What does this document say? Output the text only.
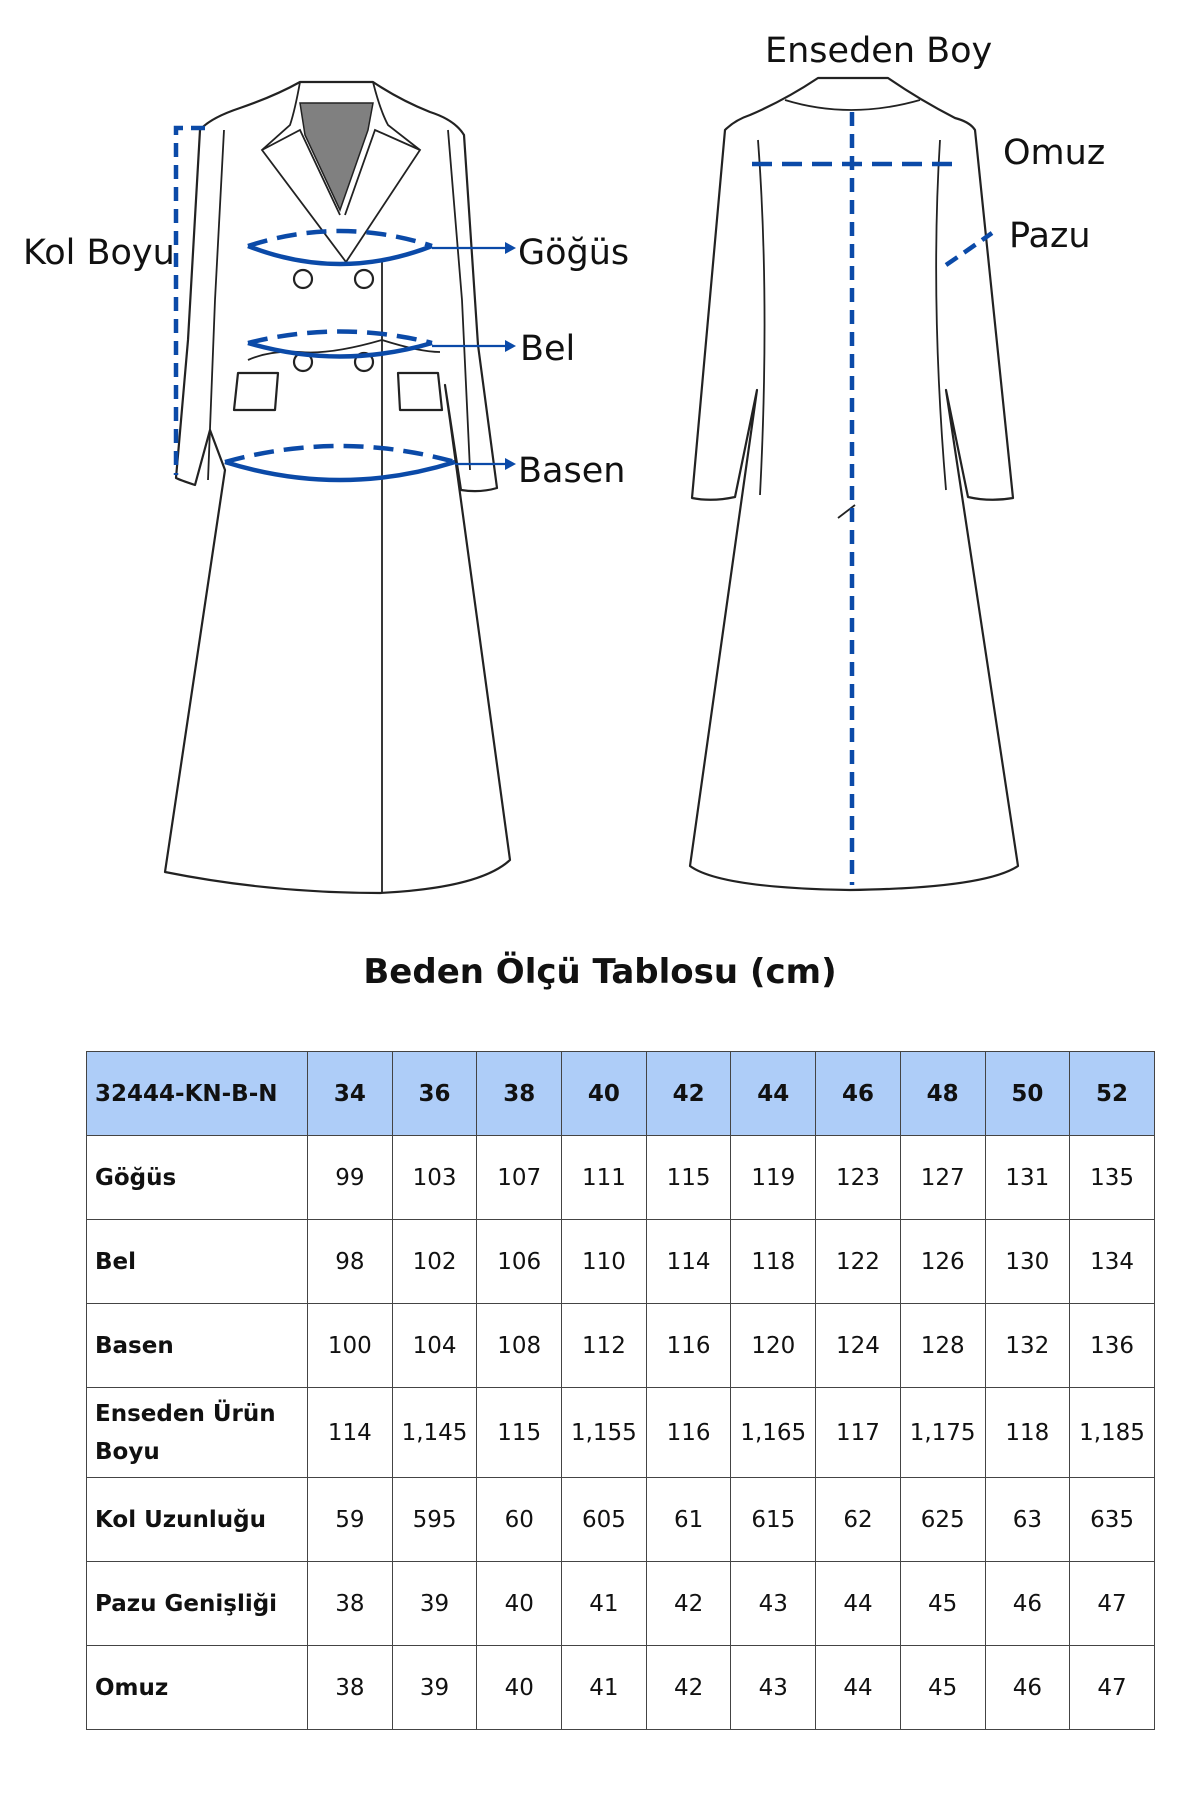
Kol Boyu	Göğüs
Bel
Basen
Enseden Boy
Omuz
Pazu
Beden Ölçü Tablosu (cm)
32444-KN-B-N	34	36	38	40	42	44	46	48	50	52
Göğüs	99	103	107	111	115	119	123	127	131	135
Bel	98	102	106	110	114	118	122	126	130	134
Basen	100	104	108	112	116	120	124	128	132	136
Enseden Ürün Boyu	114	1,145	115	1,155	116	1,165	117	1,175	118	1,185
Kol Uzunluğu	59	595	60	605	61	615	62	625	63	635
Pazu Genişliği	38	39	40	41	42	43	44	45	46	47
Omuz	38	39	40	41	42	43	44	45	46	47
